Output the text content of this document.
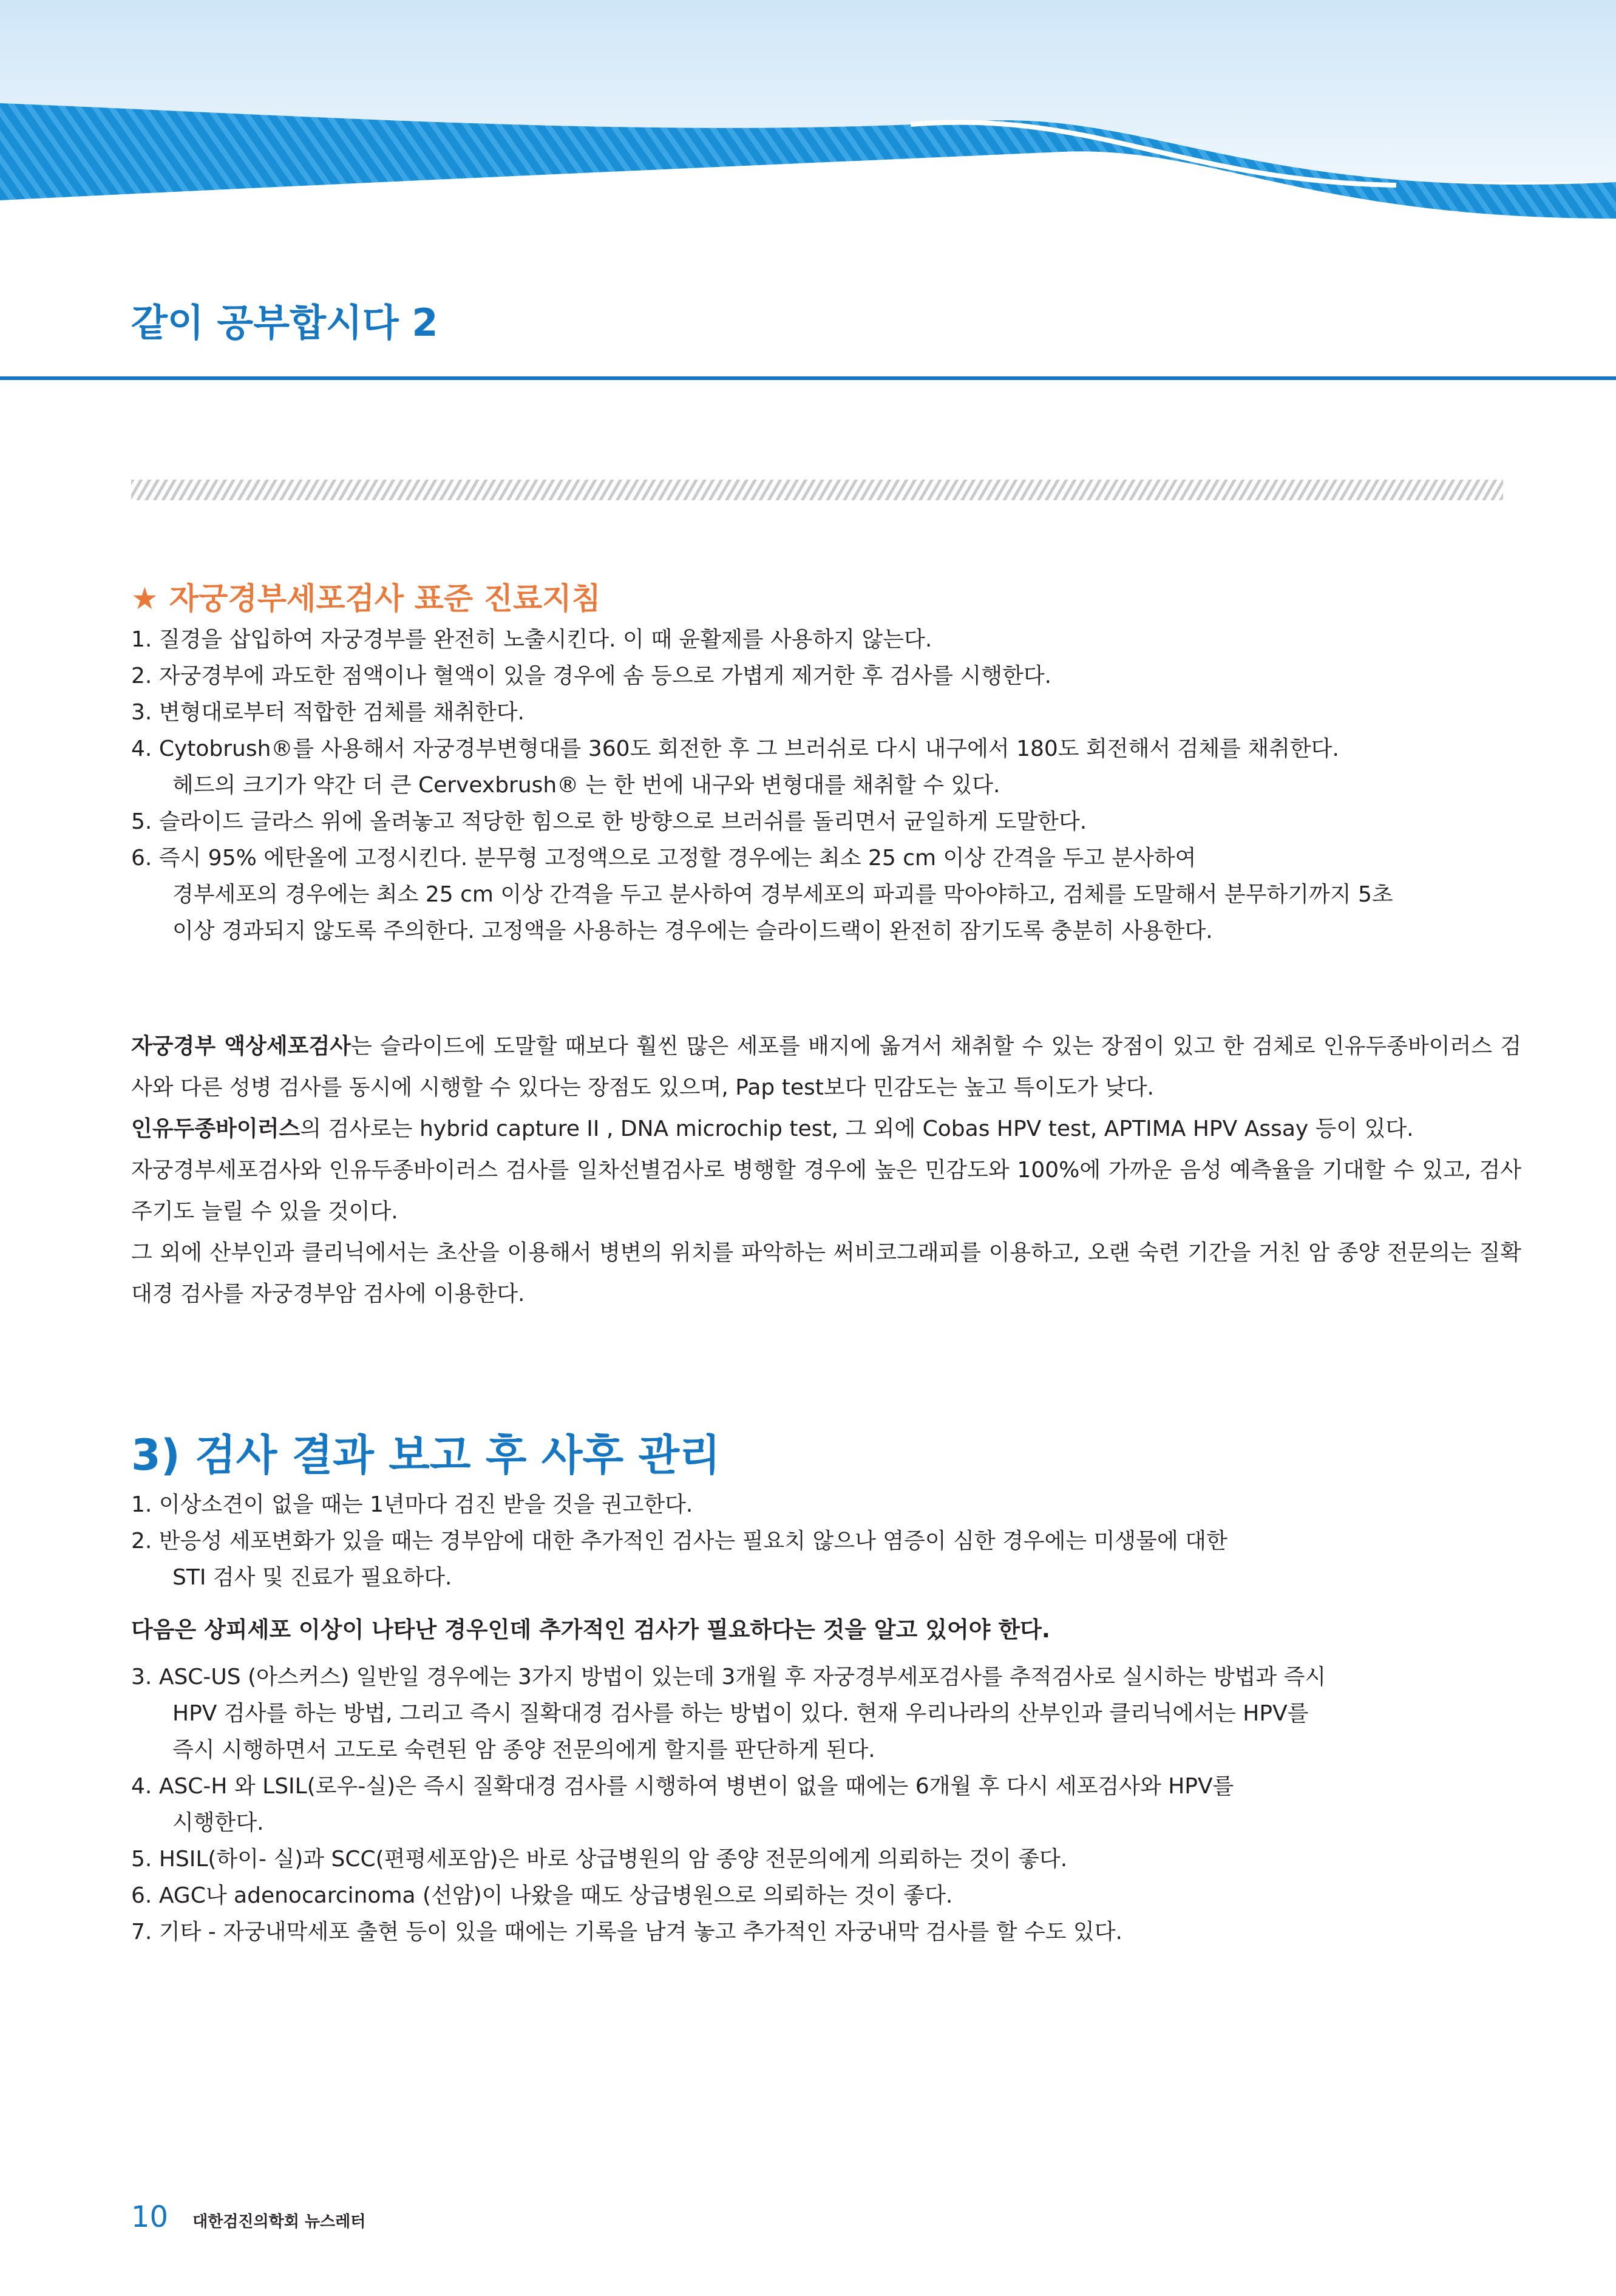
같이 공부합시다 2
★ 자궁경부세포검사 표준 진료지침

1. 질경을 삽입하여 자궁경부를 완전히 노출시킨다. 이 때 윤활제를 사용하지 않는다.

2. 자궁경부에 과도한 점액이나 혈액이 있을 경우에 솜 등으로 가볍게 제거한 후 검사를 시행한다.

3. 변형대로부터 적합한 검체를 채취한다.

4. Cytobrush®를 사용해서 자궁경부변형대를 360도 회전한 후 그 브러쉬로 다시 내구에서 180도 회전해서 검체를 채취한다.
헤드의 크기가 약간 더 큰 Cervexbrush® 는 한 번에 내구와 변형대를 채취할 수 있다.

5. 슬라이드 글라스 위에 올려놓고 적당한 힘으로 한 방향으로 브러쉬를 돌리면서 균일하게 도말한다.

6. 즉시 95% 에탄올에 고정시킨다. 분무형 고정액으로 고정할 경우에는 최소 25 cm 이상 간격을 두고 분사하여
경부세포의 경우에는 최소 25 cm 이상 간격을 두고 분사하여 경부세포의 파괴를 막아야하고, 검체를 도말해서 분무하기까지 5초
이상 경과되지 않도록 주의한다. 고정액을 사용하는 경우에는 슬라이드랙이 완전히 잠기도록 충분히 사용한다.

자궁경부 액상세포검사는 슬라이드에 도말할 때보다 훨씬 많은 세포를 배지에 옮겨서 채취할 수 있는 장점이 있고 한 검체로 인유두종바이러스 검사와 다른 성병 검사를 동시에 시행할 수 있다는 장점도 있으며, Pap test보다 민감도는 높고 특이도가 낮다.

인유두종바이러스의 검사로는 hybrid capture II , DNA microchip test, 그 외에 Cobas HPV test, APTIMA HPV Assay 등이 있다.

자궁경부세포검사와 인유두종바이러스 검사를 일차선별검사로 병행할 경우에 높은 민감도와 100%에 가까운 음성 예측율을 기대할 수 있고, 검사 주기도 늘릴 수 있을 것이다.

그 외에 산부인과 클리닉에서는 초산을 이용해서 병변의 위치를 파악하는 써비코그래피를 이용하고, 오랜 숙련 기간을 거친 암 종양 전문의는 질확대경 검사를 자궁경부암 검사에 이용한다.

3) 검사 결과 보고 후 사후 관리

1. 이상소견이 없을 때는 1년마다 검진 받을 것을 권고한다.

2. 반응성 세포변화가 있을 때는 경부암에 대한 추가적인 검사는 필요치 않으나 염증이 심한 경우에는 미생물에 대한
STI 검사 및 진료가 필요하다.

다음은 상피세포 이상이 나타난 경우인데 추가적인 검사가 필요하다는 것을 알고 있어야 한다.

3. ASC-US (아스커스) 일반일 경우에는 3가지 방법이 있는데 3개월 후 자궁경부세포검사를 추적검사로 실시하는 방법과 즉시
HPV 검사를 하는 방법, 그리고 즉시 질확대경 검사를 하는 방법이 있다. 현재 우리나라의 산부인과 클리닉에서는 HPV를
즉시 시행하면서 고도로 숙련된 암 종양 전문의에게 할지를 판단하게 된다.

4. ASC-H 와 LSIL(로우-실)은 즉시 질확대경 검사를 시행하여 병변이 없을 때에는 6개월 후 다시 세포검사와 HPV를
시행한다.

5. HSIL(하이- 실)과 SCC(편평세포암)은 바로 상급병원의 암 종양 전문의에게 의뢰하는 것이 좋다.

6. AGC나 adenocarcinoma (선암)이 나왔을 때도 상급병원으로 의뢰하는 것이 좋다.

7. 기타 - 자궁내막세포 출현 등이 있을 때에는 기록을 남겨 놓고 추가적인 자궁내막 검사를 할 수도 있다.

10 대한검진의학회 뉴스레터
